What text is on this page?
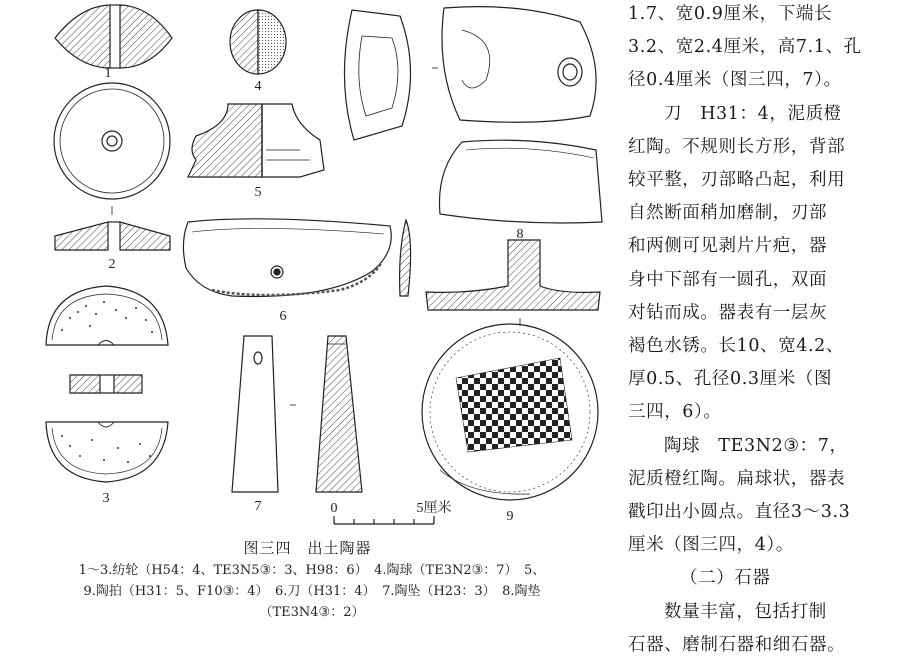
1
2
3
4
5
6
7
8
9
0	5厘米
图三四　出土陶器
1～3.纺轮（H54：4、TE3N5③：3、H98：6）　4.陶球（TE3N2③：7）　5、
9.陶拍（H31：5、F10③：4）　6.刀（H31：4）　7.陶坠（H23：3）　8.陶垫
（TE3N4③：2）
1.7、宽0.9厘米，下端长
3.2、宽2.4厘米，高7.1、孔
径0.4厘米（图三四，7）。
刀　H31：4，泥质橙
红陶。不规则长方形，背部
较平整，刃部略凸起，利用
自然断面稍加磨制，刃部
和两侧可见剥片片疤，器
身中下部有一圆孔，双面
对钻而成。器表有一层灰
褐色水锈。长10、宽4.2、
厚0.5、孔径0.3厘米（图
三四，6）。
陶球　TE3N2③：7，
泥质橙红陶。扁球状，器表
戳印出小圆点。直径3～3.3
厘米（图三四，4）。
（二）石器
数量丰富，包括打制
石器、磨制石器和细石器。
